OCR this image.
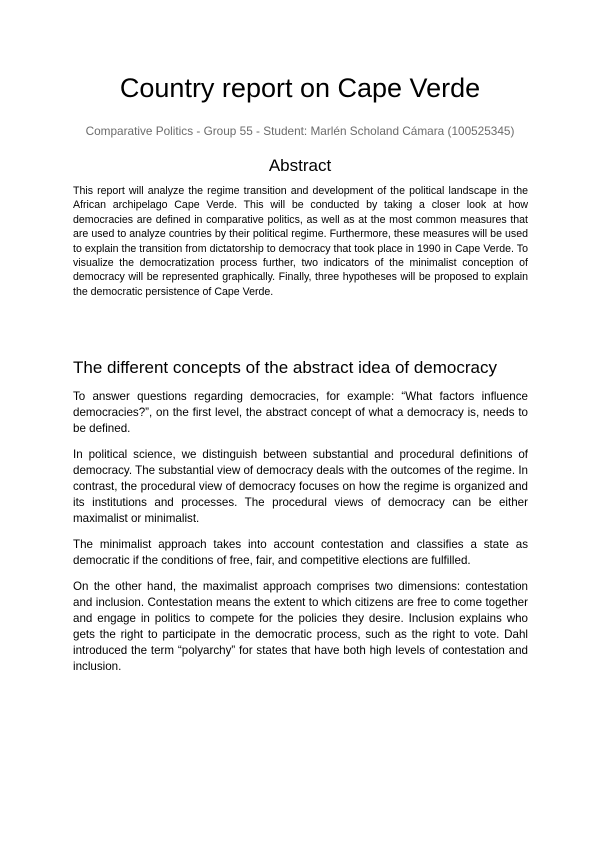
Country report on Cape Verde

Comparative Politics - Group 55 - Student: Marlén Scholand Cámara (100525345)

Abstract

This report will analyze the regime transition and development of the political landscape in the African archipelago Cape Verde. This will be conducted by taking a closer look at how democracies are defined in comparative politics, as well as at the most common measures that are used to analyze countries by their political regime. Furthermore, these measures will be used to explain the transition from dictatorship to democracy that took place in 1990 in Cape Verde. To visualize the democratization process further, two indicators of the minimalist conception of democracy will be represented graphically. Finally, three hypotheses will be proposed to explain the democratic persistence of Cape Verde.

The different concepts of the abstract idea of democracy

To answer questions regarding democracies, for example: “What factors influence democracies?”, on the first level, the abstract concept of what a democracy is, needs to be defined.

In political science, we distinguish between substantial and procedural definitions of democracy. The substantial view of democracy deals with the outcomes of the regime. In contrast, the procedural view of democracy focuses on how the regime is organized and its institutions and processes. The procedural views of democracy can be either maximalist or minimalist.

The minimalist approach takes into account contestation and classifies a state as democratic if the conditions of free, fair, and competitive elections are fulfilled.

On the other hand, the maximalist approach comprises two dimensions: contestation and inclusion. Contestation means the extent to which citizens are free to come together and engage in politics to compete for the policies they desire. Inclusion explains who gets the right to participate in the democratic process, such as the right to vote. Dahl introduced the term “polyarchy” for states that have both high levels of contestation and inclusion.
